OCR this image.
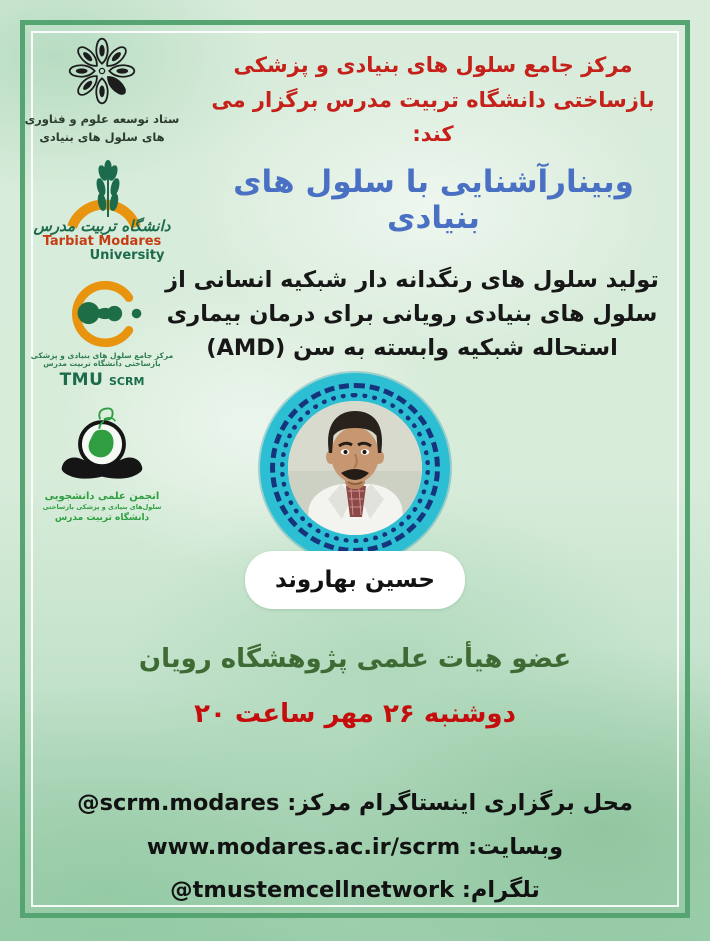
ستاد توسعه علوم و فناوری
های سلول های بنیادی
دانشگاه تربیت مدرس
Tarbiat Modares
University
مرکز جامع سلول های بنیادی و پزشکی
بازساختی دانشگاه تربیت مدرس
TMU SCRM
انجمن علمی دانشجویی
سلول‌های بنیادی و پزشکی بازساختی
دانشگاه تربیت مدرس
مرکز جامع سلول های بنیادی و پزشکی بازساختی دانشگاه تربیت مدرس برگزار می کند:
وبینارآشنایی با سلول های بنیادی
تولید سلول های رنگدانه دار شبکیه انسانی از سلول های بنیادی رویانی برای درمان بیماری استحاله شبکیه وابسته به سن (AMD)
حسین بهاروند
عضو هیأت علمی پژوهشگاه رویان
دوشنبه ۲۶ مهر ساعت ۲۰
محل برگزاری اینستاگرام مرکز: @scrm.modares
وبسایت: www.modares.ac.ir/scrm
تلگرام: @tmustemcellnetwork
